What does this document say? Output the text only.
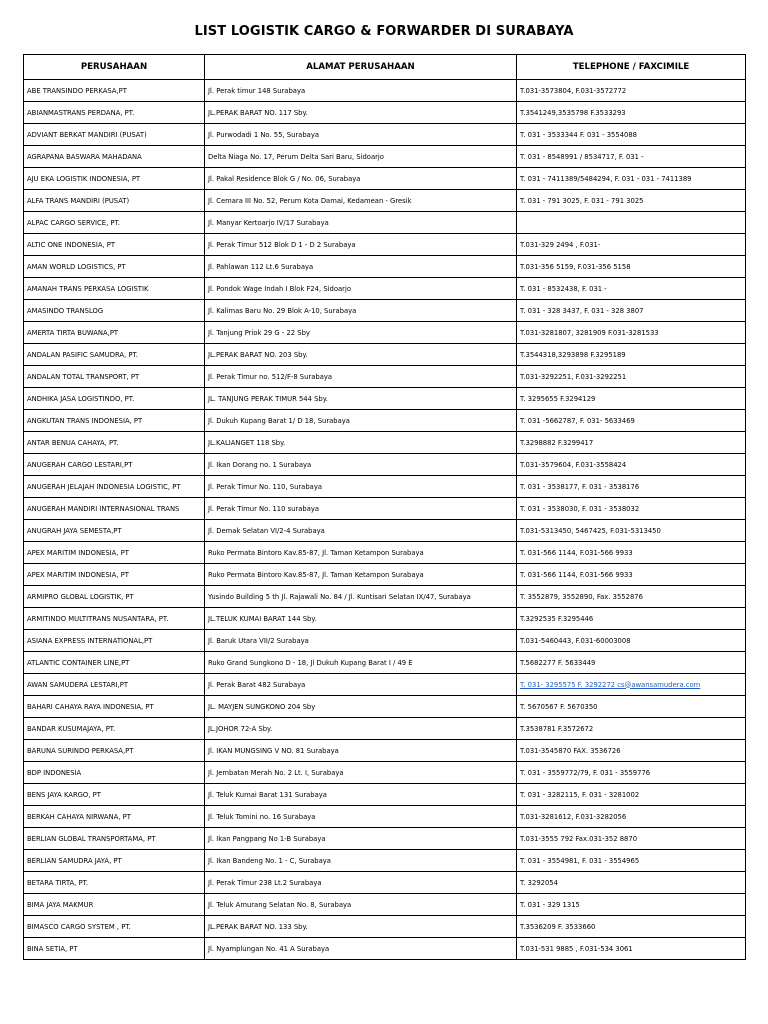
LIST LOGISTIK CARGO & FORWARDER DI SURABAYA
PERUSAHAAN	ALAMAT PERUSAHAAN	TELEPHONE / FAXCIMILE
ABE TRANSINDO PERKASA,PT	Jl. Perak timur 148 Surabaya	T.031-3573804, F.031-3572772
ABIANMASTRANS PERDANA, PT.	JL.PERAK BARAT NO. 117 Sby.	T.3541249,3535798 F.3533293
ADVIANT BERKAT MANDIRI (PUSAT)	Jl. Purwodadi 1 No. 55, Surabaya	T. 031 - 3533344 F. 031 - 3554088
AGRAPANA BASWARA MAHADANA	Delta Niaga No. 17, Perum Delta Sari Baru, Sidoarjo	T. 031 - 8548991 / 8534717, F. 031 -
AJU EKA LOGISTIK INDONESIA, PT	Jl. Pakal Residence Blok G / No. 06, Surabaya	T. 031 - 7411389/5484294, F. 031 - 031 - 7411389
ALFA TRANS MANDIRI (PUSAT)	Jl. Cemara III No. 52, Perum Kota Damai, Kedamean - Gresik	T. 031 - 791 3025, F. 031 - 791 3025
ALPAC CARGO SERVICE, PT.	Jl. Manyar Kertoarjo IV/17 Surabaya	
ALTIC ONE INDONESIA, PT	Jl. Perak Timur 512 Blok D 1 - D 2 Surabaya	T.031-329 2494 , F.031-
AMAN WORLD LOGISTICS, PT	Jl. Pahlawan 112 Lt.6 Surabaya	T.031-356 5159, F.031-356 5158
AMANAH TRANS PERKASA LOGISTIK	Jl. Pondok Wage Indah I Blok F24, Sidoarjo	T. 031 - 8532438, F. 031 -
AMASINDO TRANSLOG	Jl. Kalimas Baru No. 29 Blok A-10, Surabaya	T. 031 - 328 3437, F. 031 - 328 3807
AMERTA TIRTA BUWANA,PT	Jl. Tanjung Priok 29 G - 22 Sby	T.031-3281807, 3281909 F.031-3281533
ANDALAN PASIFIC SAMUDRA, PT.	JL.PERAK BARAT NO. 203 Sby.	T.3544318,3293898 F.3295189
ANDALAN TOTAL TRANSPORT, PT	Jl. Perak Timur no. 512/F-8 Surabaya	T.031-3292251, F.031-3292251
ANDHIKA JASA LOGISTINDO, PT.	JL. TANJUNG PERAK TIMUR 544 Sby.	T. 3295655 F.3294129
ANGKUTAN TRANS INDONESIA, PT	Jl. Dukuh Kupang Barat 1/ D 18, Surabaya	T. 031 -5662787, F. 031- 5633469
ANTAR BENUA CAHAYA, PT.	JL.KALIANGET 118 Sby.	T.3298882 F.3299417
ANUGERAH CARGO LESTARI,PT	Jl. Ikan Dorang no. 1 Surabaya	T.031-3579604, F.031-3558424
ANUGERAH JELAJAH INDONESIA LOGISTIC, PT	Jl. Perak Timur No. 110, Surabaya	T. 031 - 3538177, F. 031 - 3538176
ANUGERAH MANDIRI INTERNASIONAL TRANS	Jl. Perak Timur No. 110 surabaya	T. 031 - 3538030, F. 031 - 3538032
ANUGRAH JAYA SEMESTA,PT	Jl. Demak Selatan VI/2-4 Surabaya	T.031-5313450, 5467425, F.031-5313450
APEX MARITIM INDONESIA, PT	Ruko Permata Bintoro Kav.85-87, Jl. Taman Ketampon Surabaya	T. 031-566 1144, F.031-566 9933
APEX MARITIM INDONESIA, PT	Ruko Permata Bintoro Kav.85-87, Jl. Taman Ketampon Surabaya	T. 031-566 1144, F.031-566 9933
ARMIPRO GLOBAL LOGISTIK, PT	Yusindo Building 5 th Jl. Rajawali No. 84 / Jl. Kuntisari Selatan IX/47, Surabaya	T. 3552879, 3552890, Fax. 3552876
ARMITINDO MULTITRANS NUSANTARA, PT.	JL.TELUK KUMAI BARAT 144 Sby.	T.3292535 F.3295446
ASIANA EXPRESS INTERNATIONAL,PT	Jl. Baruk Utara VII/2 Surabaya	T.031-5460443, F.031-60003008
ATLANTIC CONTAINER LINE,PT	Ruko Grand Sungkono D - 18, Jl Dukuh Kupang Barat I / 49 E	T.5682277 F. 5633449
AWAN SAMUDERA LESTARI,PT	Jl. Perak Barat 482 Surabaya	T. 031- 3295575 F. 3292272 cs@awansamudera.com
BAHARI CAHAYA RAYA INDONESIA, PT	JL. MAYJEN SUNGKONO 204 Sby	T. 5670567 F. 5670350
BANDAR KUSUMAJAYA, PT.	JL.JOHOR 72-A Sby.	T.3538781 F.3572672
BARUNA SURINDO PERKASA,PT	Jl. IKAN MUNGSING V NO. 81 Surabaya	T.031-3545870 FAX. 3536726
BDP INDONESIA	Jl. Jembatan Merah No. 2 Lt. I, Surabaya	T. 031 - 3559772/79, F. 031 - 3559776
BENS JAYA KARGO, PT	Jl. Teluk Kumai Barat 131 Surabaya	T. 031 - 3282115, F. 031 - 3281002
BERKAH CAHAYA NIRWANA, PT	Jl. Teluk Tomini no. 16 Surabaya	T.031-3281612, F.031-3282056
BERLIAN GLOBAL TRANSPORTAMA, PT	Jl. Ikan Pangpang No 1-B Surabaya	T.031-3555 792 Fax.031-352 8870
BERLIAN SAMUDRA JAYA, PT	Jl. Ikan Bandeng No. 1 - C, Surabaya	T. 031 - 3554981, F. 031 - 3554965
BETARA TIRTA, PT.	Jl. Perak Timur 238 Lt.2 Surabaya	T. 3292054
BIMA JAYA MAKMUR	Jl. Teluk Amurang Selatan No. 8, Surabaya	T. 031 - 329 1315
BIMASCO CARGO SYSTEM , PT.	JL.PERAK BARAT NO. 133 Sby.	T.3536209 F. 3533660
BINA SETIA, PT	Jl. Nyamplungan No. 41 A Surabaya	T.031-531 9885 , F.031-534 3061
